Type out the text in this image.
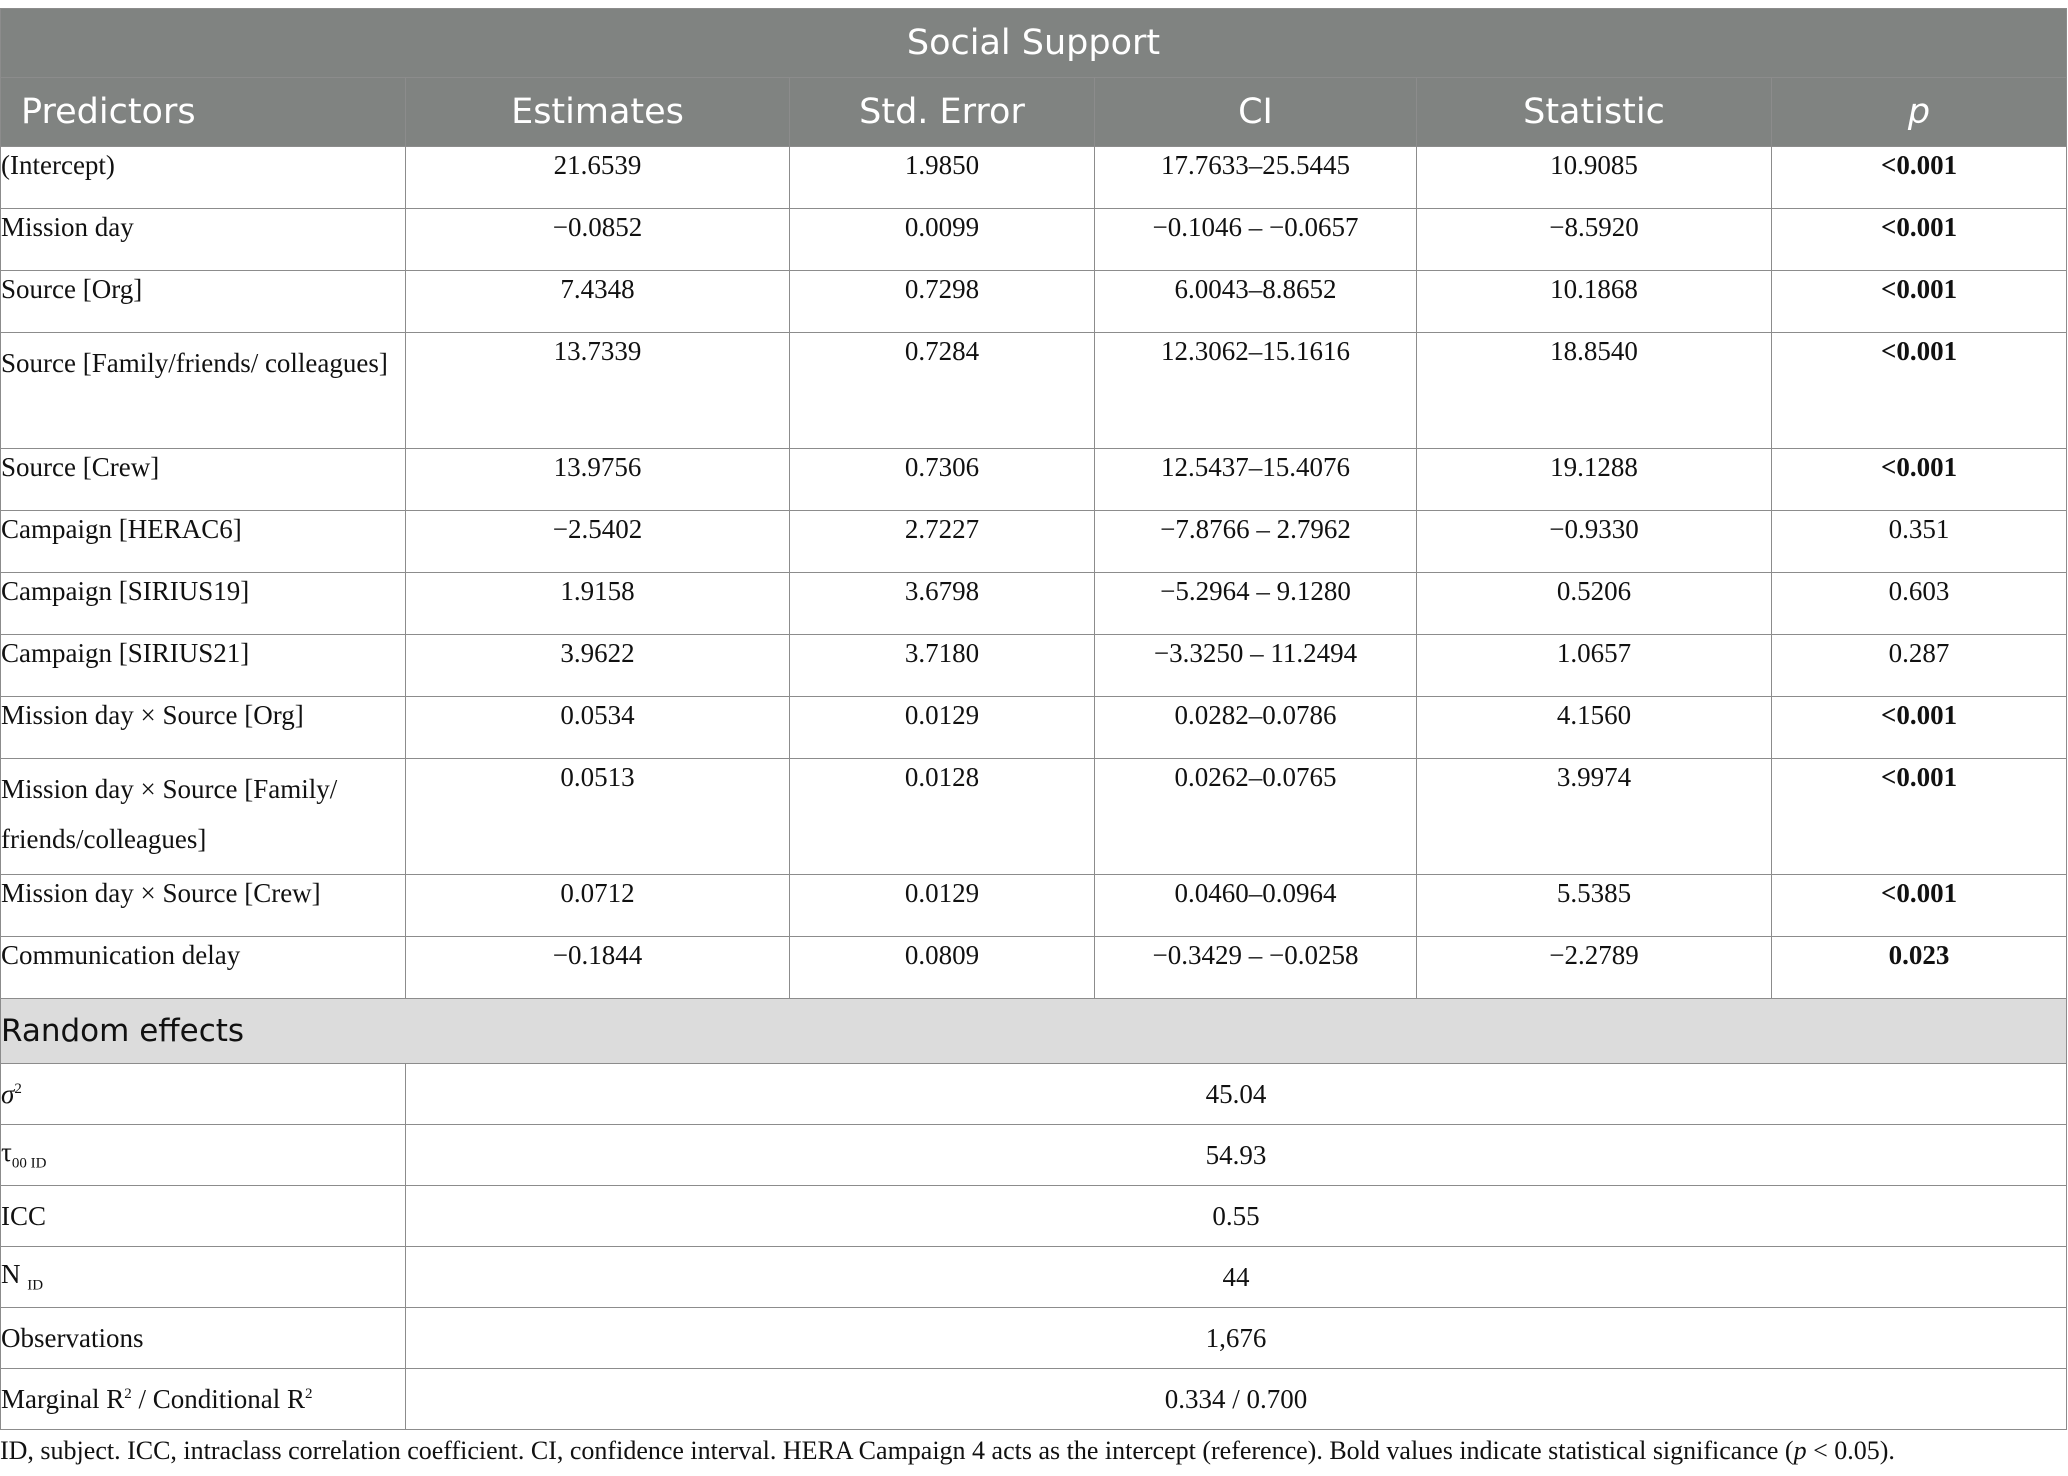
Social Support					
Predictors	Estimates	Std. Error	CI	Statistic	p
(Intercept)	21.6539	1.9850	17.7633–25.5445	10.9085	<0.001
Mission day	−0.0852	0.0099	−0.1046 – −0.0657	−8.5920	<0.001
Source [Org]	7.4348	0.7298	6.0043–8.8652	10.1868	<0.001
Source [Family/friends/ colleagues]	13.7339	0.7284	12.3062–15.1616	18.8540	<0.001
Source [Crew]	13.9756	0.7306	12.5437–15.4076	19.1288	<0.001
Campaign [HERAC6]	−2.5402	2.7227	−7.8766 – 2.7962	−0.9330	0.351
Campaign [SIRIUS19]	1.9158	3.6798	−5.2964 – 9.1280	0.5206	0.603
Campaign [SIRIUS21]	3.9622	3.7180	−3.3250 – 11.2494	1.0657	0.287
Mission day × Source [Org]	0.0534	0.0129	0.0282–0.0786	4.1560	<0.001
Mission day × Source [Family/ friends/colleagues]	0.0513	0.0128	0.0262–0.0765	3.9974	<0.001
Mission day × Source [Crew]	0.0712	0.0129	0.0460–0.0964	5.5385	<0.001
Communication delay	−0.1844	0.0809	−0.3429 – −0.0258	−2.2789	0.023
Random effects					
$\sigma^2$	45.04				
$\tau_{00 ID}$	54.93				
ICC	0.55				
N $_{ID}$	44				
Observations	1,676				
Marginal $R^2$ / Conditional $R^2$	0.334 / 0.700				
ID, subject. ICC, intraclass correlation coefficient. CI, confidence interval. HERA Campaign 4 acts as the intercept (reference). Bold values indicate statistical significance (p < 0.05).
